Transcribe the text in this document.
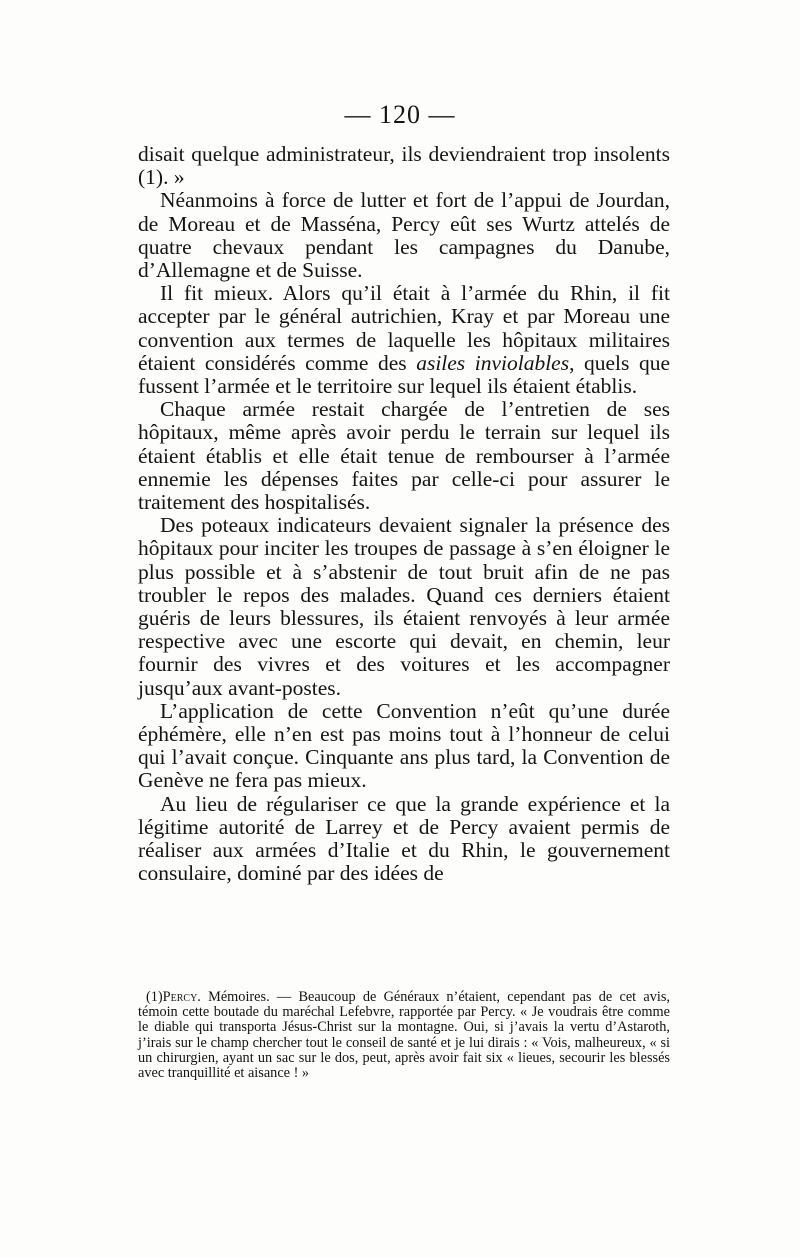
— 120 —

disait quelque administrateur, ils deviendraient trop insolents (1). »

Néanmoins à force de lutter et fort de l’appui de Jourdan, de Moreau et de Masséna, Percy eût ses Wurtz attelés de quatre chevaux pendant les campagnes du Danube, d’Allemagne et de Suisse.

Il fit mieux. Alors qu’il était à l’armée du Rhin, il fit accepter par le général autrichien, Kray et par Moreau une convention aux termes de laquelle les hôpitaux militaires étaient considérés comme des asiles inviolables, quels que fussent l’armée et le territoire sur lequel ils étaient établis.

Chaque armée restait chargée de l’entretien de ses hôpitaux, même après avoir perdu le terrain sur lequel ils étaient établis et elle était tenue de rembourser à l’armée ennemie les dépenses faites par celle-ci pour assurer le traitement des hospitalisés.

Des poteaux indicateurs devaient signaler la présence des hôpitaux pour inciter les troupes de passage à s’en éloigner le plus possible et à s’abstenir de tout bruit afin de ne pas troubler le repos des malades. Quand ces derniers étaient guéris de leurs blessures, ils étaient renvoyés à leur armée respective avec une escorte qui devait, en chemin, leur fournir des vivres et des voitures et les accompagner jusqu’aux avant-postes.

L’application de cette Convention n’eût qu’une durée éphémère, elle n’en est pas moins tout à l’honneur de celui qui l’avait conçue. Cinquante ans plus tard, la Convention de Genève ne fera pas mieux.

Au lieu de régulariser ce que la grande expérience et la légitime autorité de Larrey et de Percy avaient permis de réaliser aux armées d’Italie et du Rhin, le gouvernement consulaire, dominé par des idées de

(1)Percy. Mémoires. — Beaucoup de Généraux n’étaient, cependant pas de cet avis, témoin cette boutade du maréchal Lefebvre, rapportée par Percy. « Je voudrais être comme le diable qui transporta Jésus-Christ sur la montagne. Oui, si j’avais la vertu d’Astaroth, j’irais sur le champ chercher tout le conseil de santé et je lui dirais : « Vois, malheureux, « si un chirurgien, ayant un sac sur le dos, peut, après avoir fait six « lieues, secourir les blessés avec tranquillité et aisance ! »
